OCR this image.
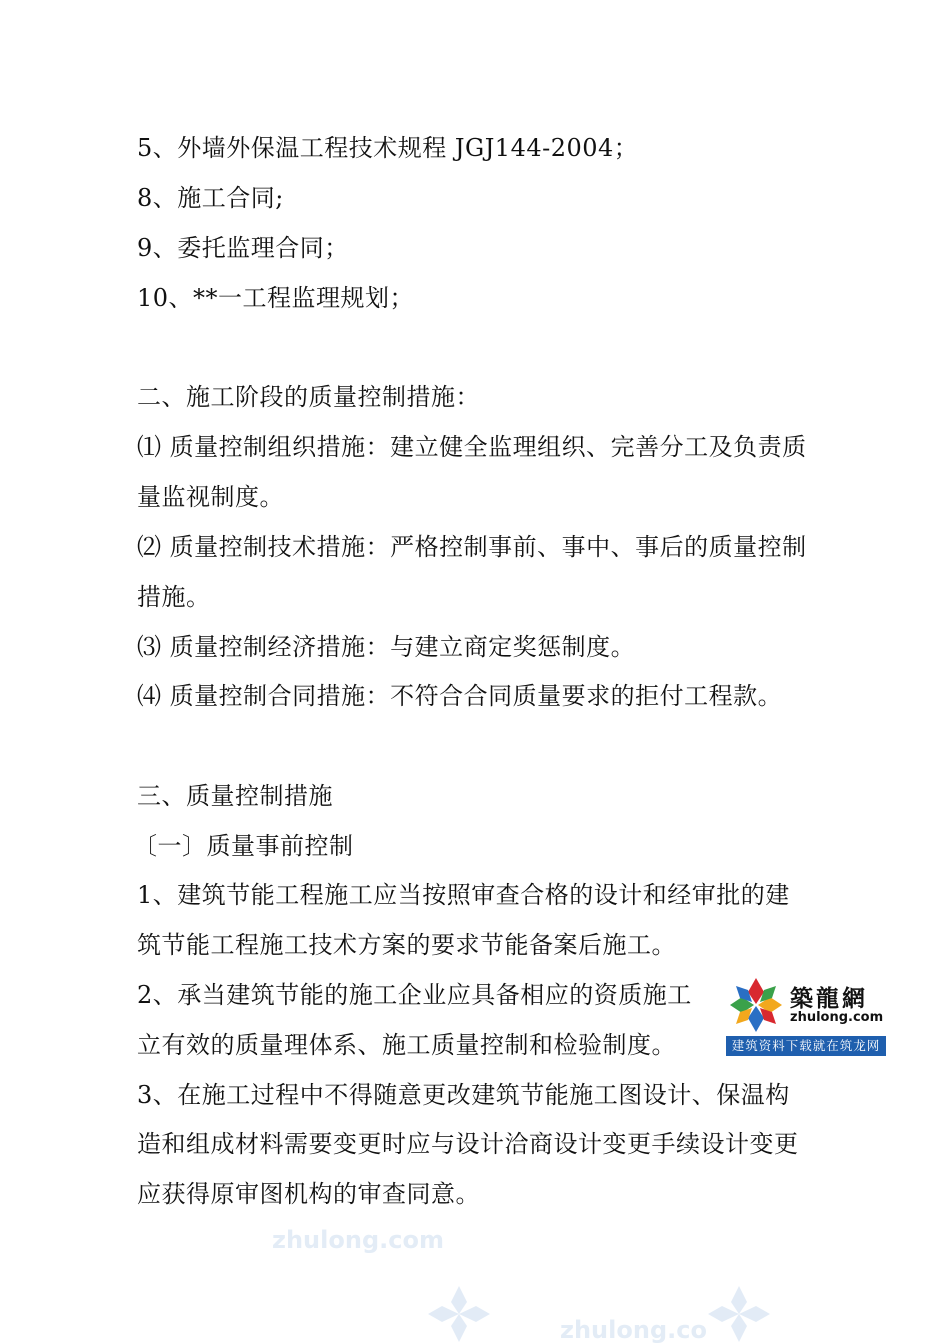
5、外墙外保温工程技术规程 JGJ144-2004；
8、施工合同;
9、委托监理合同；
10、**一工程监理规划；
二、施工阶段的质量控制措施：
⑴ 质量控制组织措施：建立健全监理组织、完善分工及负责质
量监视制度。
⑵ 质量控制技术措施：严格控制事前、事中、事后的质量控制
措施。
⑶ 质量控制经济措施：与建立商定奖惩制度。
⑷ 质量控制合同措施：不符合合同质量要求的拒付工程款。
三、质量控制措施
〔一〕质量事前控制
1、建筑节能工程施工应当按照审查合格的设计和经审批的建
筑节能工程施工技术方案的要求节能备案后施工。
2、承当建筑节能的施工企业应具备相应的资质施工
立有效的质量理体系、施工质量控制和检验制度。
3、在施工过程中不得随意更改建筑节能施工图设计、保温构
造和组成材料需要变更时应与设计洽商设计变更手续设计变更
应获得原审图机构的审查同意。
築龍網
zhulong.com
建筑资料下载就在筑龙网
zhulong.com
zhulong.co
